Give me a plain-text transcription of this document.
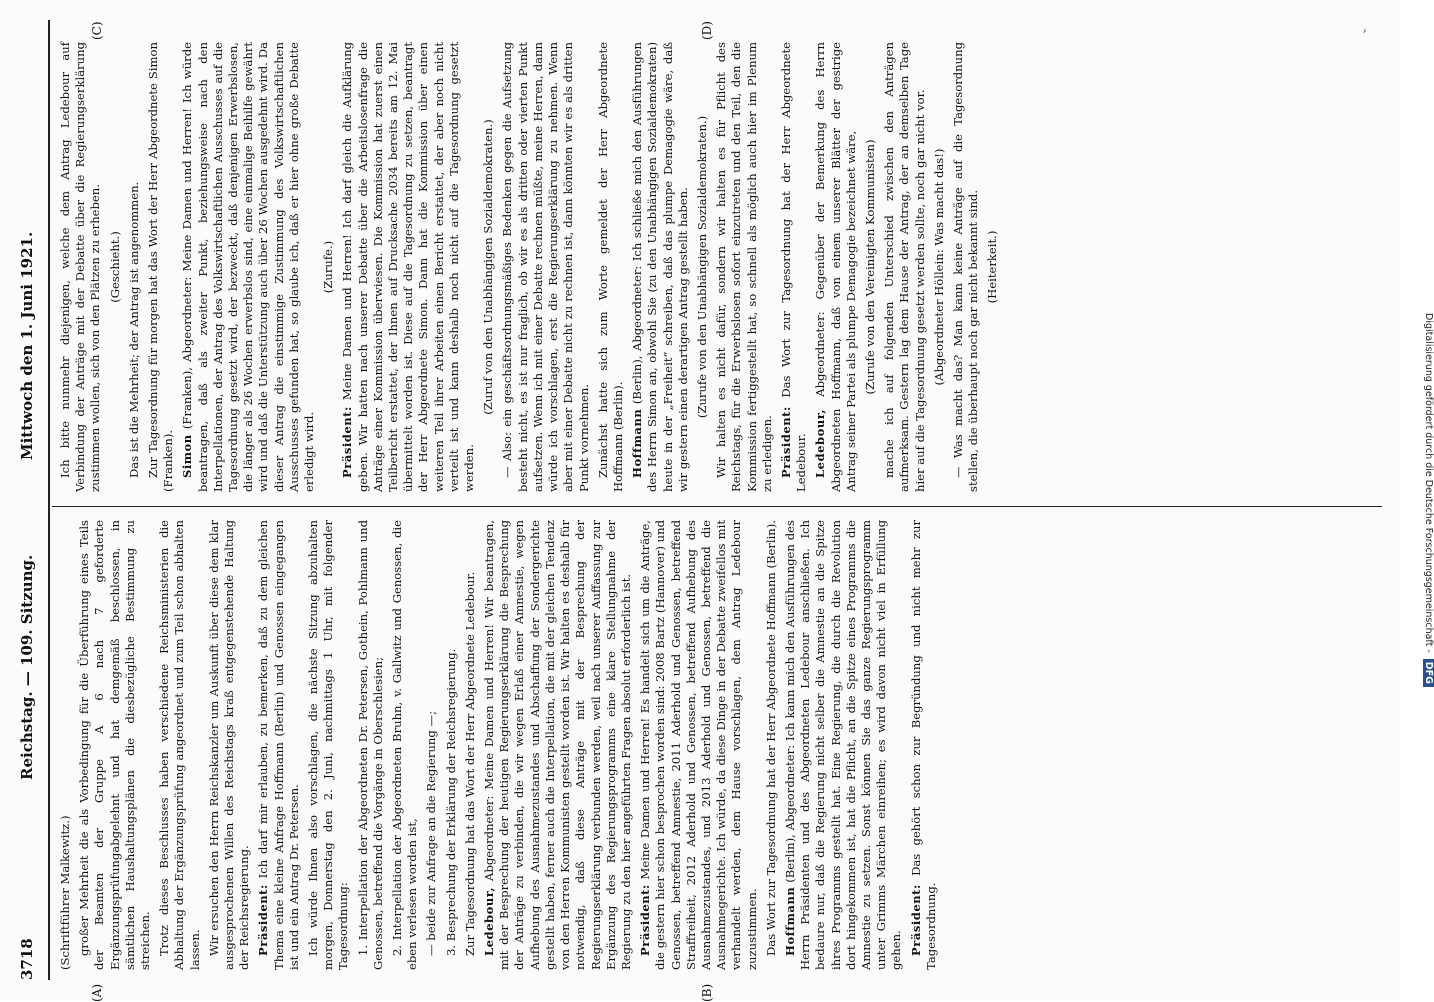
3718
Reichstag. — 109. Sitzung.
Mittwoch den 1. Juni 1921.
(A)	(B)
(C)	(D)

(Schriftführer Malkewitz.) großer Mehrheit die als Vorbedingung für die Überführung eines Teils der Beamten der Gruppe A 6 nach 7 geforderte Ergänzungsprüfungabgelehnt und hat demgemäß beschlossen, in sämtlichen Haushaltungsplänen die diesbezügliche Bestimmung zu streichen. Trotz dieses Beschlusses haben verschiedene Reichsministerien die Abhaltung der Ergänzungsprüfung angeordnet und zum Teil schon abhalten lassen. Wir ersuchen den Herrn Reichskanzler um Auskunft über diese dem klar ausgesprochenen Willen des Reichstags kraß entgegenstehende Haltung der Reichsregierung. Präsident: Ich darf mir erlauben, zu bemerken, daß zu dem gleichen Thema eine kleine Anfrage Hoffmann (Berlin) und Genossen eingegangen ist und ein Antrag Dr. Petersen. Ich würde Ihnen also vorschlagen, die nächste Sitzung abzuhalten morgen, Donnerstag den 2. Juni, nachmittags 1 Uhr, mit folgender Tagesordnung: 1. Interpellation der Abgeordneten Dr. Petersen, Gothein, Pohlmann und Genossen, betreffend die Vorgänge in Oberschlesien; 2. Interpellation der Abgeordneten Bruhn, v. Gallwitz und Genossen, die eben verlesen worden ist, — beide zur Anfrage an die Regierung —; 3. Besprechung der Erklärung der Reichsregierung. Zur Tagesordnung hat das Wort der Herr Abgeordnete Ledebour. Ledebour, Abgeordneter: Meine Damen und Herren! Wir beantragen, mit der Besprechung der heutigen Regierungserklärung die Besprechung der Anträge zu verbinden, die wir wegen Erlaß einer Amnestie, wegen Aufhebung des Ausnahmezustandes und Abschaffung der Sondergerichte gestellt haben, ferner auch die Interpellation, die mit der gleichen Tendenz von den Herren Kommunisten gestellt worden ist. Wir halten es deshalb für notwendig, daß diese Anträge mit der Besprechung der Regierungserklärung verbunden werden, weil nach unserer Auffassung zur Ergänzung des Regierungsprogramms eine klare Stellungnahme der Regierung zu den hier angeführten Fragen absolut erforderlich ist. Präsident: Meine Damen und Herren! Es handelt sich um die Anträge, die gestern hier schon besprochen worden sind: 2008 Bartz (Hannover) und Genossen, betreffend Amnestie, 2011 Aderhold und Genossen, betreffend Straffreiheit, 2012 Aderhold und Genossen, betreffend Aufhebung des Ausnahmezustandes, und 2013 Aderhold und Genossen, betreffend die Ausnahmegerichte. Ich würde, da diese Dinge in der Debatte zweifellos mit verhandelt werden, dem Hause vorschlagen, dem Antrag Ledebour zuzustimmen. Das Wort zur Tagesordnung hat der Herr Abgeordnete Hoffmann (Berlin). Hoffmann (Berlin), Abgeordneter: Ich kann mich den Ausführungen des Herrn Präsidenten und des Abgeordneten Ledebour anschließen. Ich bedaure nur, daß die Regierung nicht selber die Amnestie an die Spitze ihres Programms gestellt hat. Eine Regierung, die durch die Revolution dort hingekommen ist, hat die Pflicht, an die Spitze eines Programms die Amnestie zu setzen. Sonst können Sie das ganze Regierungsprogramm unter Grimms Märchen einreihen; es wird davon nicht viel in Erfüllung gehen. Präsident: Das gehört schon zur Begründung und nicht mehr zur Tagesordnung.

Ich bitte nunmehr diejenigen, welche dem Antrag Ledebour auf Verbindung der Anträge mit der Debatte über die Regierungserklärung zustimmen wollen, sich von den Plätzen zu erheben. (Geschieht.) Das ist die Mehrheit; der Antrag ist angenommen. Zur Tagesordnung für morgen hat das Wort der Herr Abgeordnete Simon (Franken). Simon (Franken), Abgeordneter: Meine Damen und Herren! Ich würde beantragen, daß als zweiter Punkt, beziehungsweise nach den Interpellationen, der Antrag des Volkswirtschaftlichen Ausschusses auf die Tagesordnung gesetzt wird, der bezweckt, daß denjenigen Erwerbslosen, die länger als 26 Wochen erwerbslos sind, eine einmalige Beihilfe gewährt wird und daß die Unterstützung auch über 26 Wochen ausgedehnt wird. Da dieser Antrag die einstimmige Zustimmung des Volkswirtschaftlichen Ausschusses gefunden hat, so glaube ich, daß er hier ohne große Debatte erledigt wird.

(Zurufe.)

Präsident: Meine Damen und Herren! Ich darf gleich die Aufklärung geben. Wir hatten nach unserer Debatte über die Arbeitslosenfrage die Anträge einer Kommission überwiesen. Die Kommission hat zuerst einen Teilbericht erstattet, der Ihnen auf Drucksache 2034 bereits am 12. Mai übermittelt worden ist. Diese auf die Tagesordnung zu setzen, beantragt der Herr Abgeordnete Simon. Dann hat die Kommission über einen weiteren Teil ihrer Arbeiten einen Bericht erstattet, der aber noch nicht verteilt ist und kann deshalb noch nicht auf die Tagesordnung gesetzt werden.

(Zuruf von den Unabhängigen Sozialdemokraten.) — Also: ein geschäftsordnungsmäßiges Bedenken gegen die Aufsetzung besteht nicht, es ist nur fraglich, ob wir es als dritten oder vierten Punkt aufsetzen. Wenn ich mit einer Debatte rechnen müßte, meine Herren, dann würde ich vorschlagen, erst die Regierungserklärung zu nehmen. Wenn aber mit einer Debatte nicht zu rechnen ist, dann könnten wir es als dritten Punkt vornehmen. Zunächst hatte sich zum Worte gemeldet der Herr Abgeordnete Hoffmann (Berlin). Hoffmann (Berlin), Abgeordneter: Ich schließe mich den Ausführungen des Herrn Simon an, obwohl Sie (zu den Unabhängigen Sozialdemokraten) heute in der „Freiheit“ schreiben, daß das plumpe Demagogie wäre, daß wir gestern einen derartigen Antrag gestellt haben. (Zurufe von den Unabhängigen Sozialdemokraten.) Wir halten es nicht dafür, sondern wir halten es für Pflicht des Reichstags, für die Erwerbslosen sofort einzutreten und den Teil, den die Kommission fertiggestellt hat, so schnell als möglich auch hier im Plenum zu erledigen. Präsident: Das Wort zur Tagesordnung hat der Herr Abgeordnete Ledebour. Ledebour, Abgeordneter: Gegenüber der Bemerkung des Herrn Abgeordneten Hoffmann, daß von einem unserer Blätter der gestrige Antrag seiner Partei als plumpe Demagogie bezeichnet wäre, (Zurufe von den Vereinigten Kommunisten) mache ich auf folgenden Unterschied zwischen den Anträgen aufmerksam. Gestern lag dem Hause der Antrag, der an demselben Tage hier auf die Tagesordnung gesetzt werden sollte, noch gar nicht vor. (Abgeordneter Höllein: Was macht das!) — Was macht das? Man kann keine Anträge auf die Tagesordnung stellen, die überhaupt noch gar nicht bekannt sind. (Heiterkeit.)

Digitalisierung gefördert durch die Deutsche Forschungsgemeinschaft -DFG
ʼ
